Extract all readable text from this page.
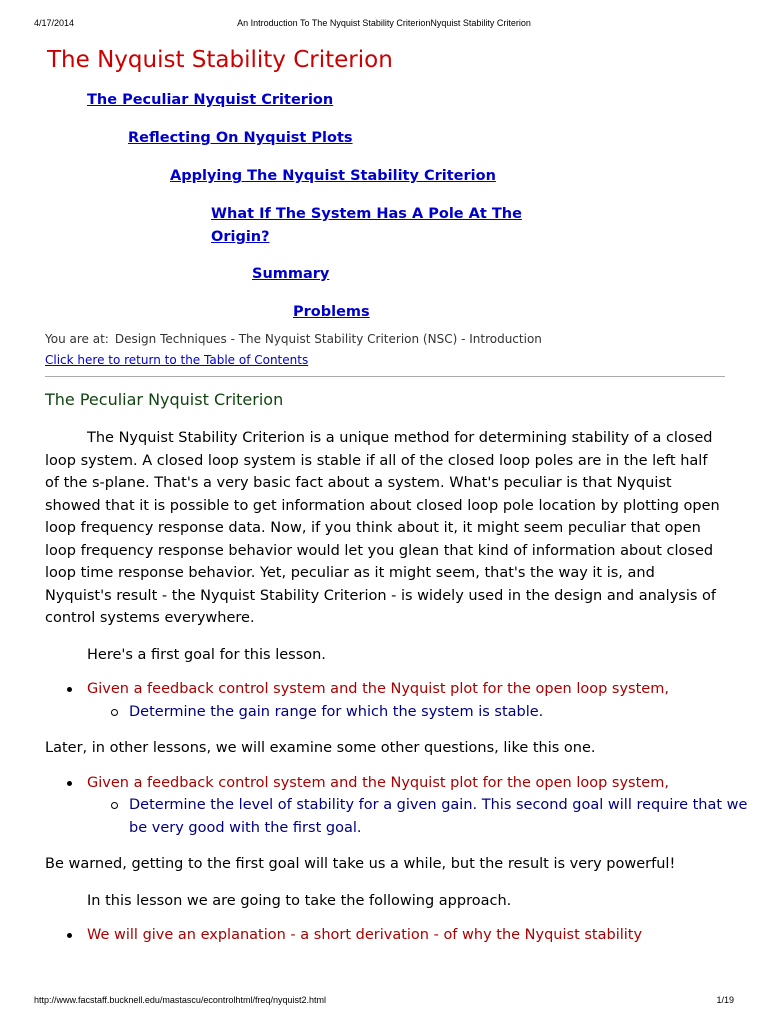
4/17/2014	An Introduction To The Nyquist Stability CriterionNyquist Stability Criterion
The Nyquist Stability Criterion
The Peculiar Nyquist Criterion
Reflecting On Nyquist Plots
Applying The Nyquist Stability Criterion
What If The System Has A Pole At The Origin?
Summary
Problems
You are at: Design Techniques - The Nyquist Stability Criterion (NSC) - Introduction
Click here to return to the Table of Contents
The Peculiar Nyquist Criterion

The Nyquist Stability Criterion is a unique method for determining stability of a closed loop system. A closed loop system is stable if all of the closed loop poles are in the left half of the s-plane. That's a very basic fact about a system. What's peculiar is that Nyquist showed that it is possible to get information about closed loop pole location by plotting open loop frequency response data. Now, if you think about it, it might seem peculiar that open loop frequency response behavior would let you glean that kind of information about closed loop time response behavior. Yet, peculiar as it might seem, that's the way it is, and Nyquist's result - the Nyquist Stability Criterion - is widely used in the design and analysis of control systems everywhere.

Here's a first goal for this lesson.

Given a feedback control system and the Nyquist plot for the open loop system,
Determine the gain range for which the system is stable.

Later, in other lessons, we will examine some other questions, like this one.

Given a feedback control system and the Nyquist plot for the open loop system,
Determine the level of stability for a given gain. This second goal will require that we be very good with the first goal.

Be warned, getting to the first goal will take us a while, but the result is very powerful!

In this lesson we are going to take the following approach.

We will give an explanation - a short derivation - of why the Nyquist stability
http://www.facstaff.bucknell.edu/mastascu/econtrolhtml/freq/nyquist2.html	1/19
